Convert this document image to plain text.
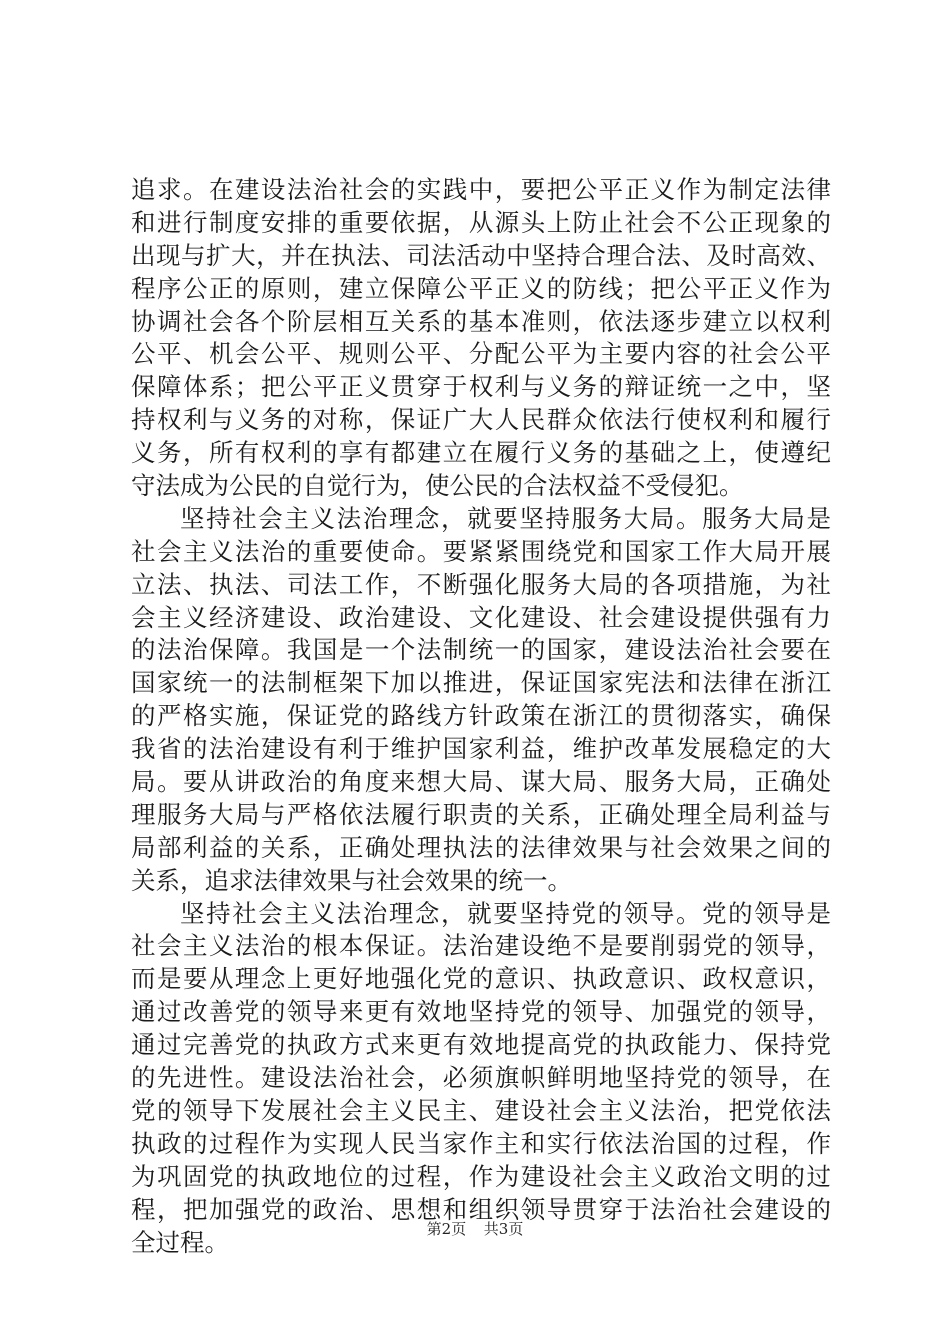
追求。在建设法治社会的实践中，要把公平正义作为制定法律
和进行制度安排的重要依据，从源头上防止社会不公正现象的
出现与扩大，并在执法、司法活动中坚持合理合法、及时高效、
程序公正的原则，建立保障公平正义的防线；把公平正义作为
协调社会各个阶层相互关系的基本准则，依法逐步建立以权利
公平、机会公平、规则公平、分配公平为主要内容的社会公平
保障体系；把公平正义贯穿于权利与义务的辩证统一之中，坚
持权利与义务的对称，保证广大人民群众依法行使权利和履行
义务，所有权利的享有都建立在履行义务的基础之上，使遵纪
守法成为公民的自觉行为，使公民的合法权益不受侵犯。
坚持社会主义法治理念，就要坚持服务大局。服务大局是
社会主义法治的重要使命。要紧紧围绕党和国家工作大局开展
立法、执法、司法工作，不断强化服务大局的各项措施，为社
会主义经济建设、政治建设、文化建设、社会建设提供强有力
的法治保障。我国是一个法制统一的国家，建设法治社会要在
国家统一的法制框架下加以推进，保证国家宪法和法律在浙江
的严格实施，保证党的路线方针政策在浙江的贯彻落实，确保
我省的法治建设有利于维护国家利益，维护改革发展稳定的大
局。要从讲政治的角度来想大局、谋大局、服务大局，正确处
理服务大局与严格依法履行职责的关系，正确处理全局利益与
局部利益的关系，正确处理执法的法律效果与社会效果之间的
关系，追求法律效果与社会效果的统一。
坚持社会主义法治理念，就要坚持党的领导。党的领导是
社会主义法治的根本保证。法治建设绝不是要削弱党的领导，
而是要从理念上更好地强化党的意识、执政意识、政权意识，
通过改善党的领导来更有效地坚持党的领导、加强党的领导，
通过完善党的执政方式来更有效地提高党的执政能力、保持党
的先进性。建设法治社会，必须旗帜鲜明地坚持党的领导，在
党的领导下发展社会主义民主、建设社会主义法治，把党依法
执政的过程作为实现人民当家作主和实行依法治国的过程，作
为巩固党的执政地位的过程，作为建设社会主义政治文明的过
程，把加强党的政治、思想和组织领导贯穿于法治社会建设的
全过程。	第2页 共3页
